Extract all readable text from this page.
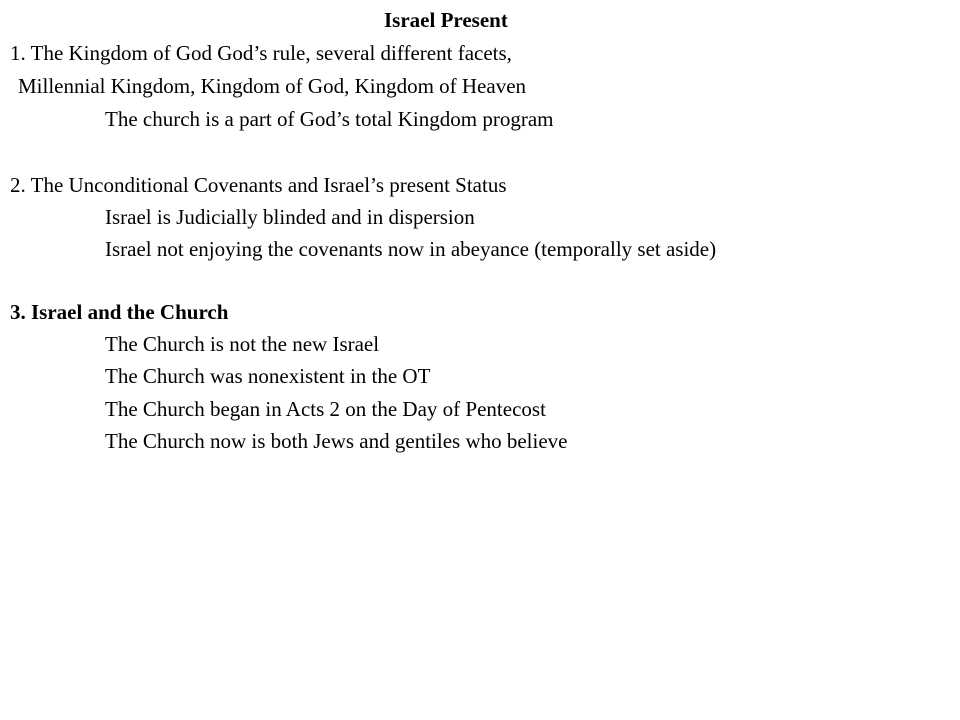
Israel Present
1. The Kingdom of God God’s rule, several different facets,
Millennial Kingdom, Kingdom of God, Kingdom of Heaven
The church is a part of God’s total Kingdom program
2. The Unconditional Covenants and Israel’s present Status
Israel is Judicially blinded and in dispersion
Israel not enjoying the covenants now in abeyance (temporally set aside)
3. Israel and the Church
The Church is not the new Israel
The Church was nonexistent in the OT
The Church began in Acts 2 on the Day of Pentecost
The Church now is both Jews and gentiles who believe
